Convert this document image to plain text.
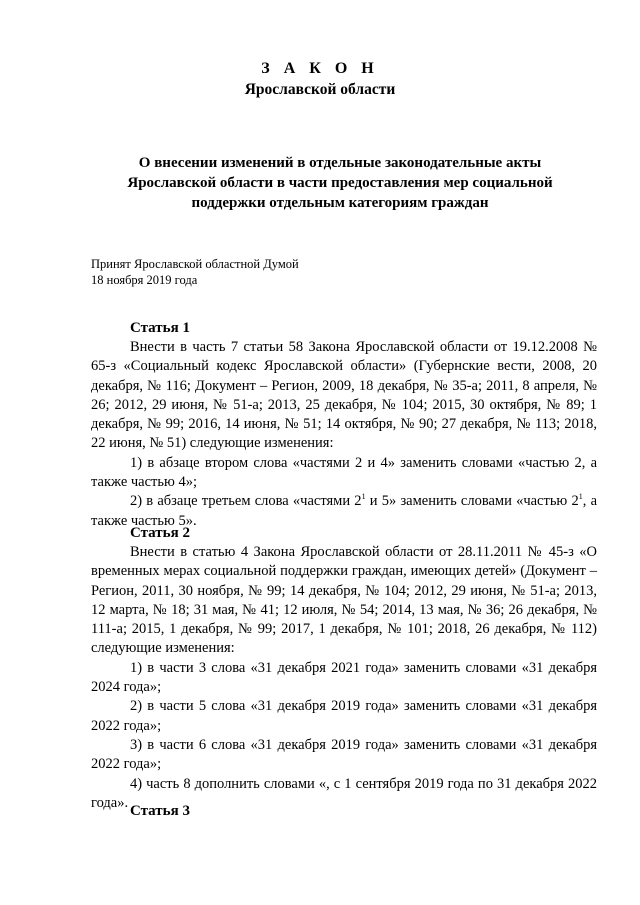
З А К О Н
Ярославской области
О внесении изменений в отдельные законодательные акты
Ярославской области в части предоставления мер социальной
поддержки отдельным категориям граждан
Принят Ярославской областной Думой
18 ноября 2019 года
Статья 1

Внести в часть 7 статьи 58 Закона Ярославской области от 19.12.2008 № 65-з «Социальный кодекс Ярославской области» (Губернские вести, 2008, 20 декабря, № 116; Документ – Регион, 2009, 18 декабря, № 35-а; 2011, 8 апреля, № 26; 2012, 29 июня, № 51-а; 2013, 25 декабря, № 104; 2015, 30 октября, № 89; 1 декабря, № 99; 2016, 14 июня, № 51; 14 октября, № 90; 27 декабря, № 113; 2018, 22 июня, № 51) следующие изменения:

1) в абзаце втором слова «частями 2 и 4» заменить словами «частью 2, а также частью 4»;

2) в абзаце третьем слова «частями $2^1$ и 5» заменить словами «частью $2^1$, а также частью 5».

Статья 2

Внести в статью 4 Закона Ярославской области от 28.11.2011 № 45-з «О временных мерах социальной поддержки граждан, имеющих детей» (Документ – Регион, 2011, 30 ноября, № 99; 14 декабря, № 104; 2012, 29 июня, № 51-а; 2013, 12 марта, № 18; 31 мая, № 41; 12 июля, № 54; 2014, 13 мая, № 36; 26 декабря, № 111-а; 2015, 1 декабря, № 99; 2017, 1 декабря, № 101; 2018, 26 декабря, № 112) следующие изменения:

1) в части 3 слова «31 декабря 2021 года» заменить словами «31 декабря 2024 года»;

2) в части 5 слова «31 декабря 2019 года» заменить словами «31 декабря 2022 года»;

3) в части 6 слова «31 декабря 2019 года» заменить словами «31 декабря 2022 года»;

4) часть 8 дополнить словами «, с 1 сентября 2019 года по 31 декабря 2022 года».

Статья 3
